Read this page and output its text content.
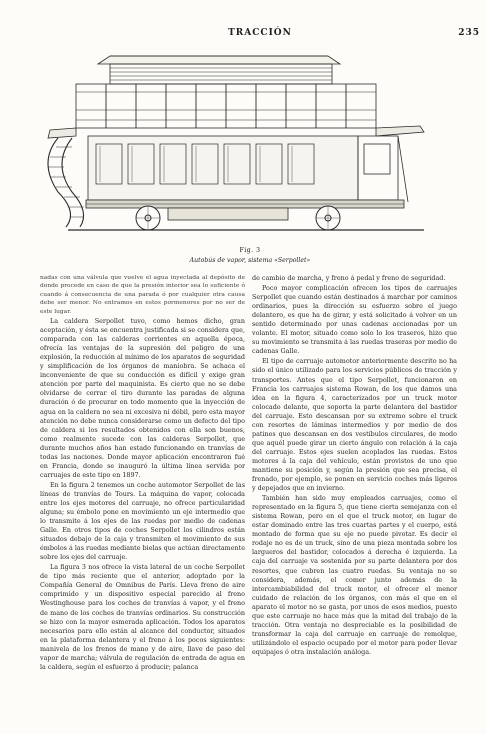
TRACCIÓN	235
Fig. 3
Autobús de vapor, sistema «Serpollet»

nadas con una válvula que vuelve el agua inyectada al depósito de donde procede en caso de que la presión interior sea lo suficiente ó cuando á consecuencia de una parada ó por cualquier otra causa debe ser menor. No entramos en estos pormenores por no ser de este lugar.

La caldera Serpollet tuvo, como hemos dicho, gran aceptación, y ésta se encuentra justificada si se considera que, comparada con las calderas corrientes en aquella época, ofrecía las ventajas de la supresión del peligro de una explosión, la reducción al mínimo de los aparatos de seguridad y simplificación de los órganos de maniobra. Se achaca el inconveniente de que su conducción es difícil y exige gran atención por parte del maquinista. Es cierto que no se debe olvidarse de cerrar el tiro durante las paradas de alguna duración ó de procurar en todo momento que la inyección de agua en la caldera no sea ni excesiva ni débil, pero esta mayor atención no debe nunca considerarse como un defecto del tipo de caldera si los resultados obtenidos con ella son buenos, como realmente sucede con las calderas Serpollet, que durante muchos años han estado funcionando en tranvías de todas las naciones. Donde mayor aplicación encontraron fué en Francia, donde se inauguró la última línea servida por carruajes de este tipo en 1897.

En la figura 2 tenemos un coche automotor Serpollet de las líneas de tranvías de Tours. La máquina de vapor, colocada entre los ejes motores del carruaje, no ofrece particularidad alguna; su émbolo pone en movimiento un eje intermedio que lo transmite á los ejes de las ruedas por medio de cadenas Galle. En otros tipos de coches Serpollet los cilindros están situados debajo de la caja y transmiten el movimiento de sus émbolos á las ruedas mediante bielas que actúan directamente sobre los ejes del carruaje.

La figura 3 nos ofrece la vista lateral de un coche Serpollet de tipo más reciente que el anterior, adoptado por la Compañía General de Omnibus de París. Lleva freno de aire comprimido y un dispositivo especial parecido al freno Westinghouse para los coches de tranvías á vapor, y el freno de mano de los coches de tranvías ordinarios. Su construcción se hizo con la mayor esmerada aplicación. Todos los aparatos necesarios para ello están al alcance del conductor, situados en la plataforma delantera y el freno á los pocos siguientes: manivela de los frenos de mano y de aire, llave de paso del vapor de marcha; válvula de regulación de entrada de agua en la caldera, según el esfuerzo á producir; palanca

de cambio de marcha, y freno á pedal y freno de seguridad.

Poco mayor complicación ofrecen los tipos de carruajes Serpollet que cuando están destinados á marchar por caminos ordinarios, pues la dirección su esfuerzo sobre el juego delantero, es que ha de girar, y está solicitado á volver en un sentido determinado por unas cadenas accionadas por un volante. El motor, situado como solo lo los traseros, hizo que su movimiento se transmita á las ruedas traseras por medio de cadenas Galle.

El tipo de carruaje automotor anteriormente descrito no ha sido el único utilizado para los servicios públicos de tracción y transportes. Antes que el tipo Serpollet, funcionaron en Francia los carruajes sistema Rowan, de los que damos una idea en la figura 4, caracterizados por un truck motor colocado delante, que soporta la parte delantera del bastidor del carruaje. Esto descansan por su extremo sobre el truck con resortes de láminas intermedios y por medio de dos patines que descansan en dos vestíbulos circulares, de modo que aquél puede girar un cierto ángulo con relación á la caja del carruaje. Estos ejes suelen acoplados las ruedas. Estos motores á la caja del vehículo, están provistos de uno que mantiene su posición y, según la presión que sea precisa, el frenado, por ejemplo, se ponen en servicio coches más ligeros y depejados que en invierno.

También han sido muy empleados carruajes, como el representado en la figura 5, que tiene cierta semejanza con el sistema Rowan, pero en el que el truck motor, en lugar de estar dominado entre las tres cuartas partes y el cuerpo, está montado de forma que su eje no puede pivotar. Es decir el rodaje no es de un truck, sino de una pieza montada sobre los largueros del bastidor, colocados á derecha é izquierda. La caja del carruaje va sostenida por su parte delantera por dos resortes, que cubren las cuatro ruedas. Su ventaja no se considera, además, el comer junto además de la intercambiabilidad del truck motor, el ofrecer el menor cuidado de relación de los órganos, con más el que en el aparato el motor no se gasta, por unos de esos medios, puesto que este carruaje no hace más que la mitad del trabajo de la tracción. Otra ventaja no despreciable es la posibilidad de transformar la caja del carruaje en carruaje de remolque, utilizándolo el espacio ocupado por el motor para poder llevar equipajes ó otra instalación análoga.
